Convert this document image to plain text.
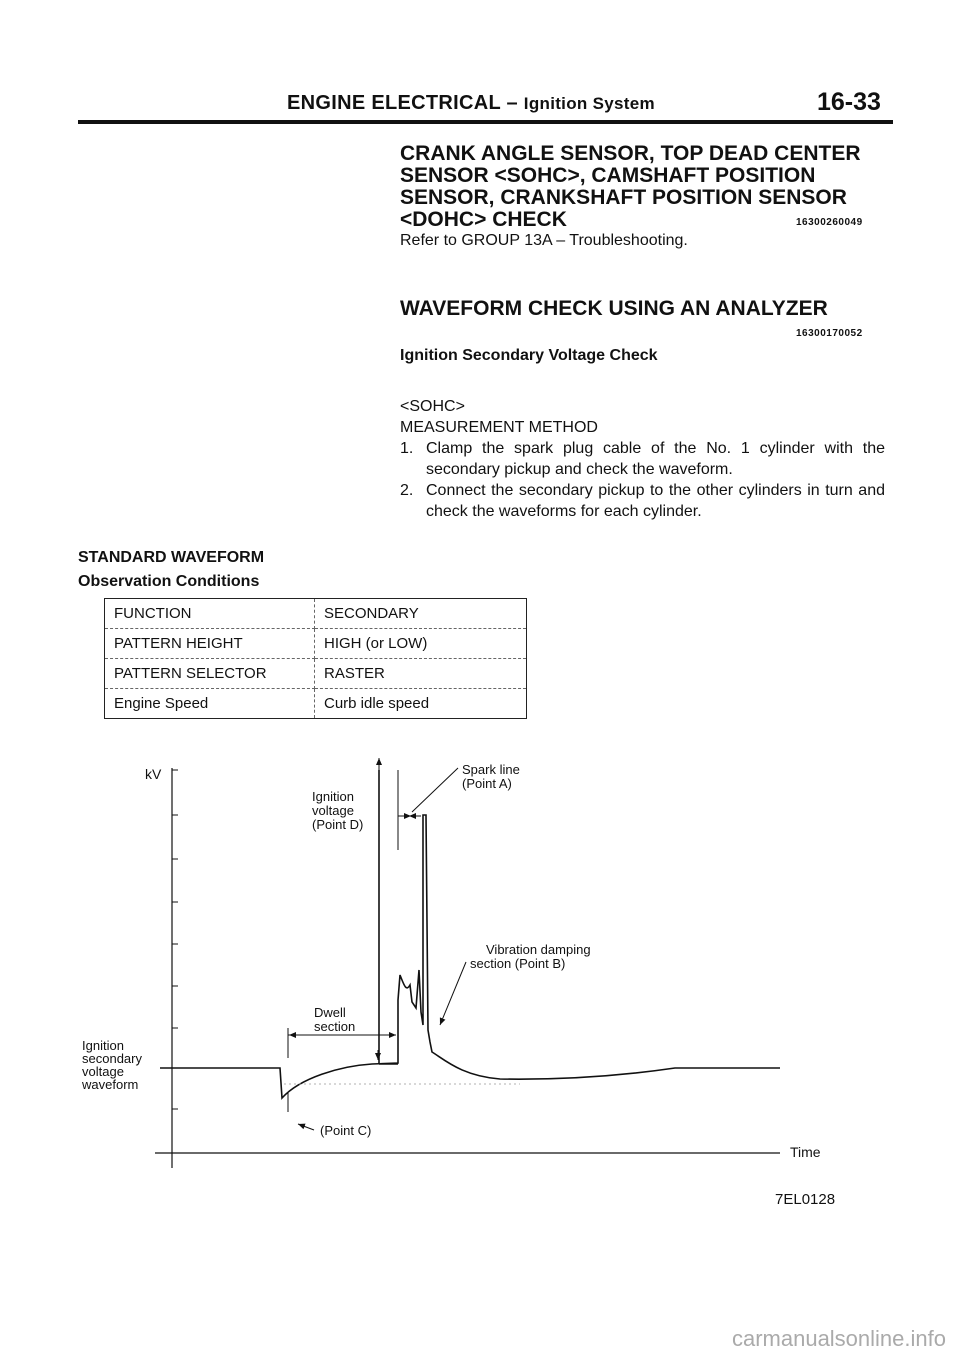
ENGINE ELECTRICAL – Ignition System	16-33
CRANK ANGLE SENSOR, TOP DEAD CENTER
SENSOR <SOHC>, CAMSHAFT POSITION
SENSOR, CRANKSHAFT POSITION SENSOR
<DOHC> CHECK	16300260049
Refer to GROUP 13A – Troubleshooting.
WAVEFORM CHECK USING AN ANALYZER
16300170052
Ignition Secondary Voltage Check
<SOHC>
MEASUREMENT METHOD
1. Clamp the spark plug cable of the No. 1 cylinder with the secondary pickup and check the waveform.
2. Connect the secondary pickup to the other cylinders in turn and check the waveforms for each cylinder.
STANDARD WAVEFORM
Observation Conditions
FUNCTION	SECONDARY
PATTERN HEIGHT	HIGH (or LOW)
PATTERN SELECTOR	RASTER
Engine Speed	Curb idle speed
kV
Time
Ignition
voltage
(Point D)
Spark line
(Point A)
Vibration damping
section (Point B)
Dwell
section
(Point C)
Ignition
secondary
voltage
waveform
7EL0128
carmanualsonline.info
